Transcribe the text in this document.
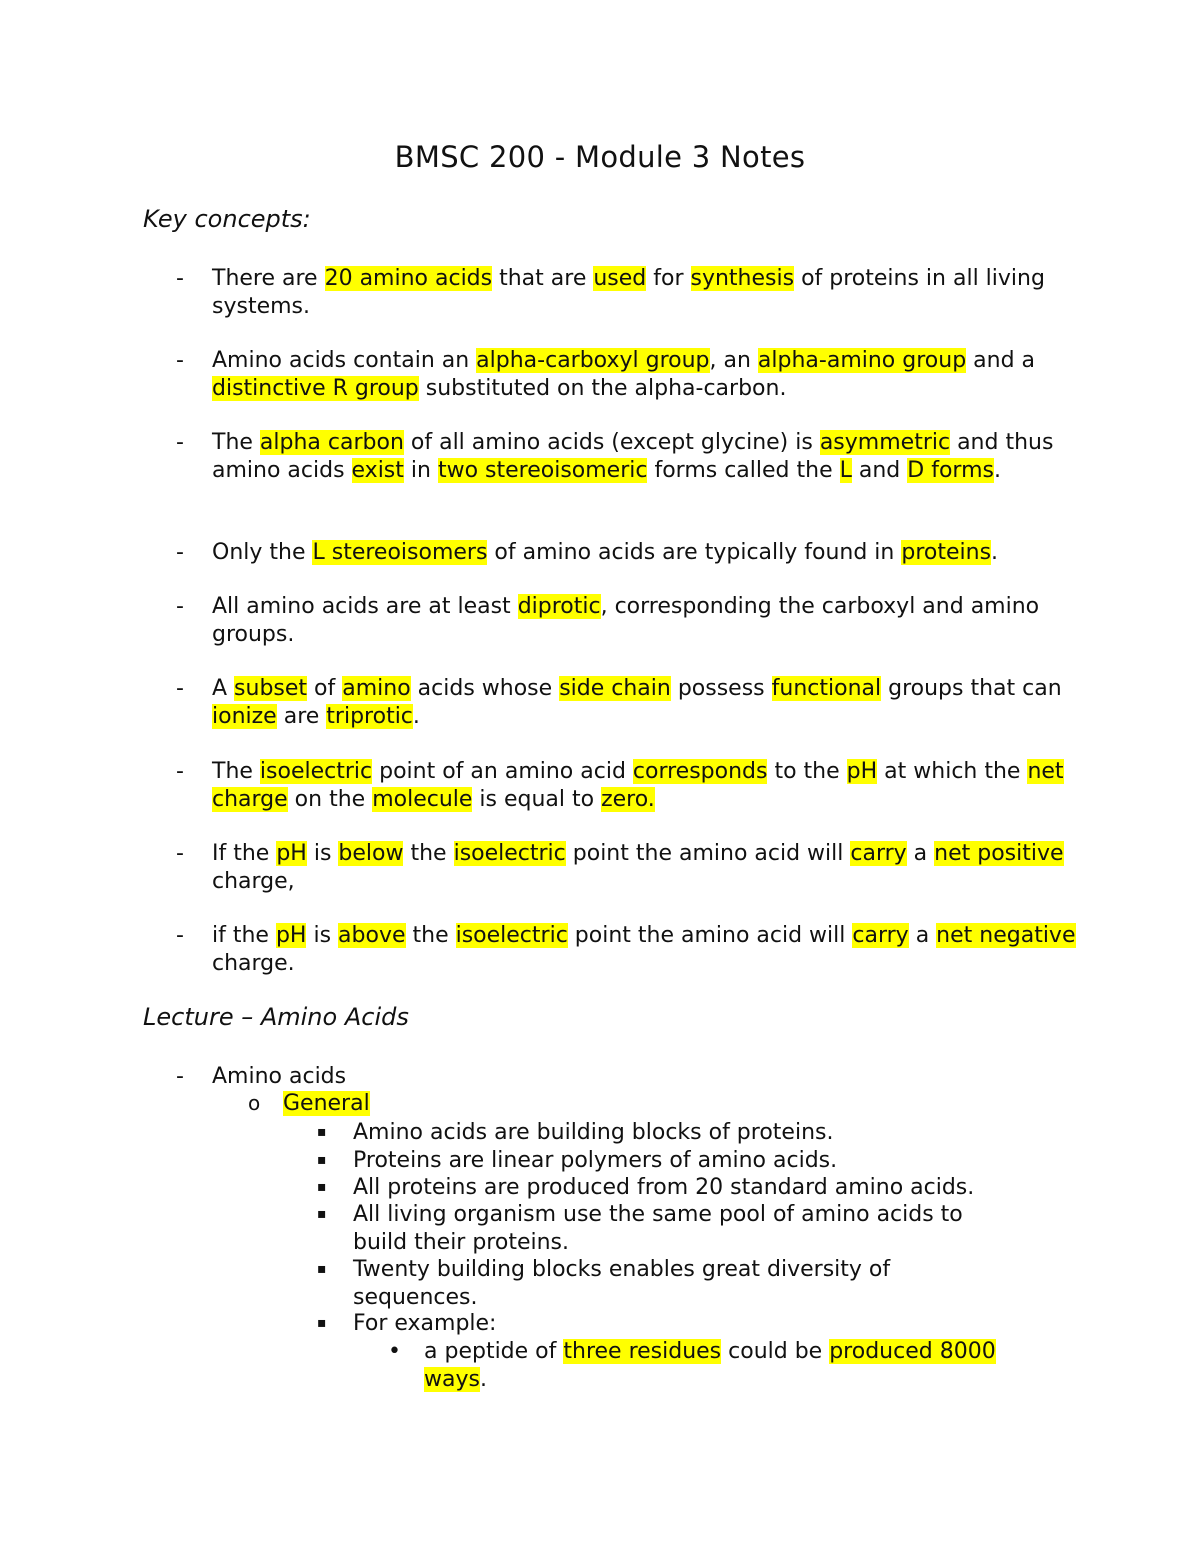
BMSC 200 - Module 3 Notes
Key concepts:
- There are 20 amino acids that are used for synthesis of proteins in all living systems.
- Amino acids contain an alpha-carboxyl group, an alpha-amino group and a distinctive R group substituted on the alpha-carbon.
- The alpha carbon of all amino acids (except glycine) is asymmetric and thus amino acids exist in two stereoisomeric forms called the L and D forms.
- Only the L stereoisomers of amino acids are typically found in proteins.
- All amino acids are at least diprotic, corresponding the carboxyl and amino groups.
- A subset of amino acids whose side chain possess functional groups that can ionize are triprotic.
- The isoelectric point of an amino acid corresponds to the pH at which the net charge on the molecule is equal to zero.
- If the pH is below the isoelectric point the amino acid will carry a net positive charge,
- if the pH is above the isoelectric point the amino acid will carry a net negative charge.
Lecture – Amino Acids
- Amino acids
o General
▪ Amino acids are building blocks of proteins.
▪ Proteins are linear polymers of amino acids.
▪ All proteins are produced from 20 standard amino acids.
▪ All living organism use the same pool of amino acids to build their proteins.
▪ Twenty building blocks enables great diversity of sequences.
▪ For example:
• a peptide of three residues could be produced 8000 ways.
